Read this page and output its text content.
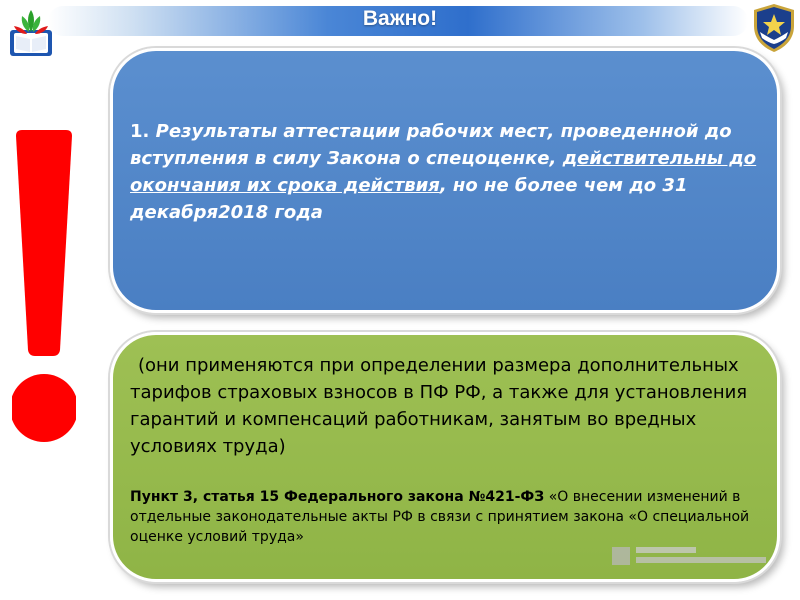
Важно!
1. Результаты аттестации рабочих мест, проведенной до вступления в силу Закона о спецоценке, действительны до окончания их срока действия, но не более чем до 31 декабря2018 года
(они применяются при определении размера дополнительных тарифов страховых взносов в ПФ РФ, а также для установления гарантий и компенсаций работникам, занятым во вредных условиях труда)
Пункт 3, статья 15 Федерального закона №421-ФЗ «О внесении изменений в отдельные законодательные акты РФ в связи с принятием закона «О специальной оценке условий труда»
